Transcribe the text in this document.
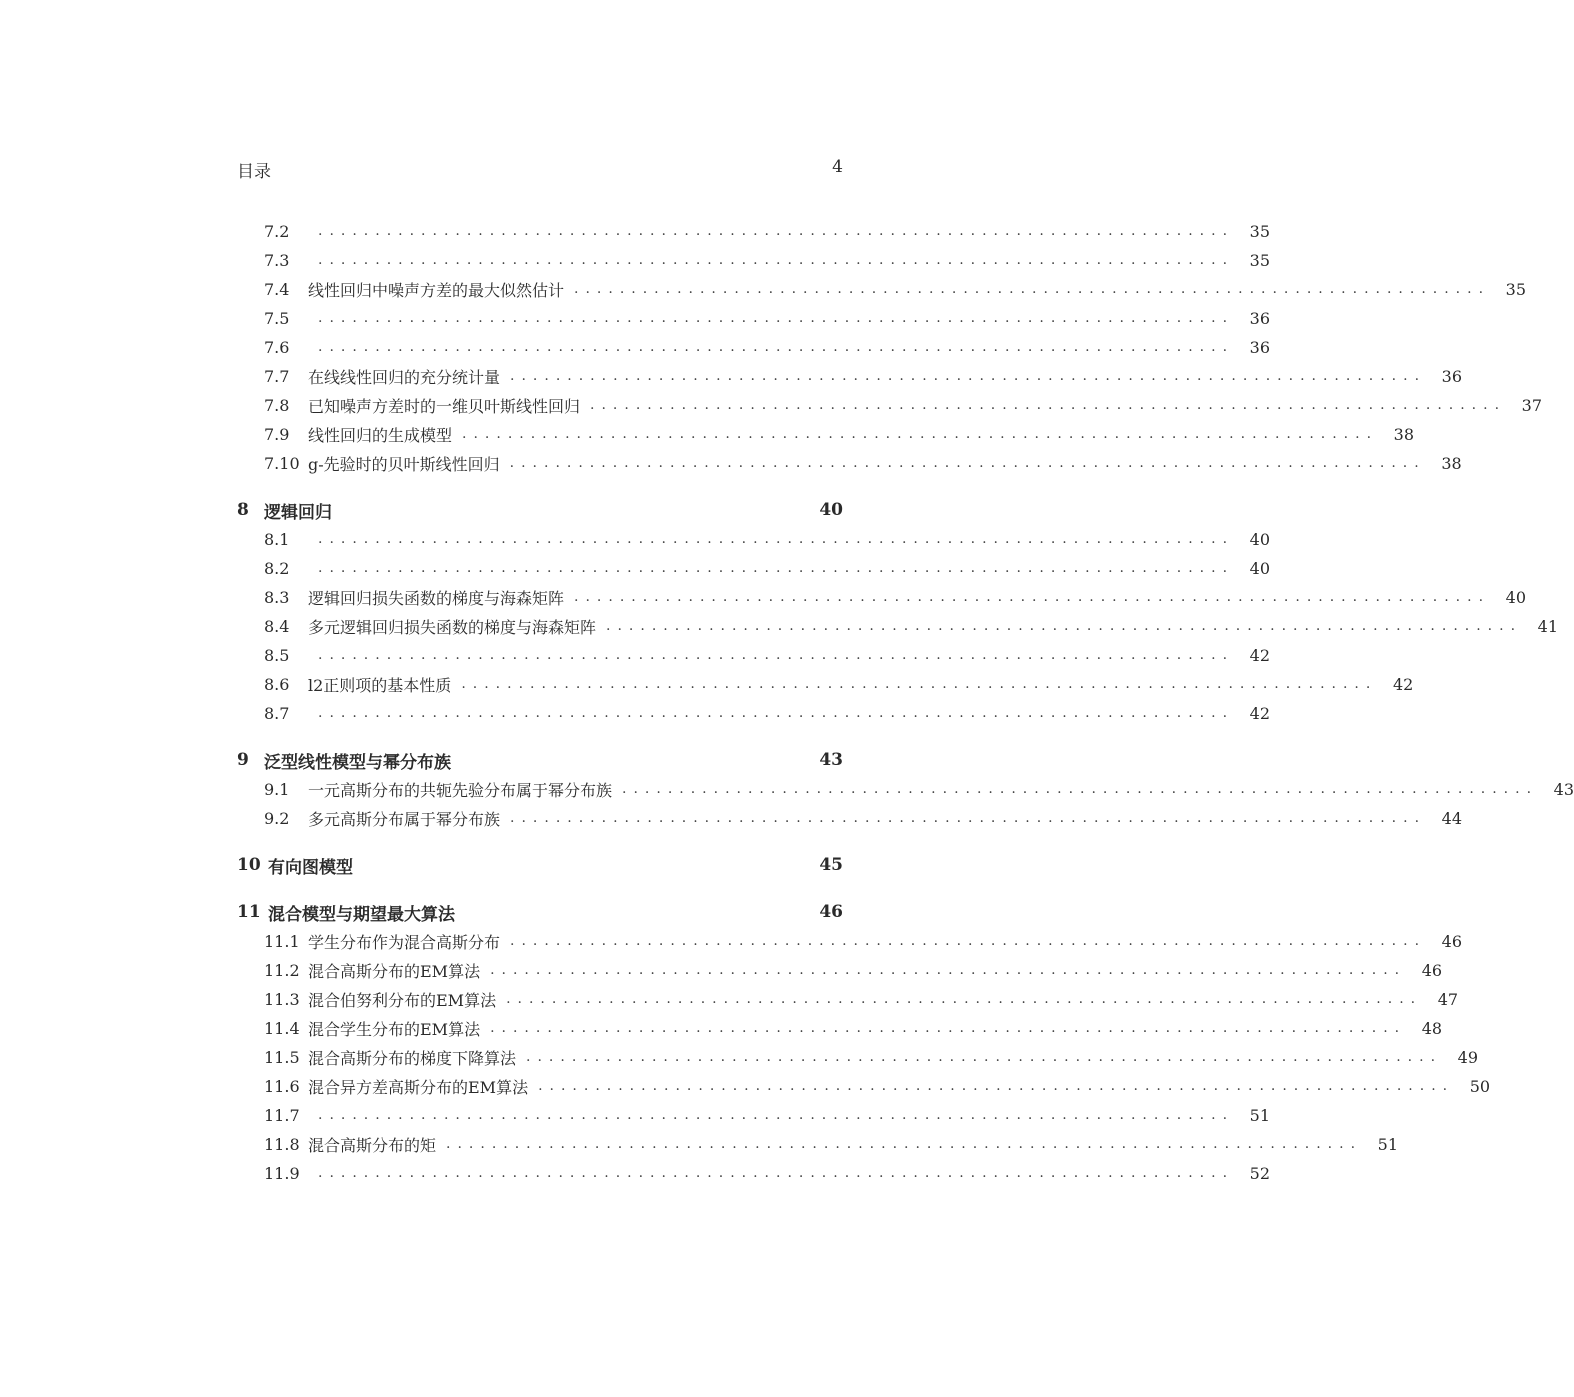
目录	4
7.2	................................................................................ 35
7.3	................................................................................ 35
7.4	线性回归中噪声方差的最大似然估计 ................................................................................ 35
7.5	................................................................................ 36
7.6	................................................................................ 36
7.7	在线线性回归的充分统计量 ................................................................................ 36
7.8	已知噪声方差时的一维贝叶斯线性回归 ................................................................................ 37
7.9	线性回归的生成模型 ................................................................................ 38
7.10 g-先验时的贝叶斯线性回归 ................................................................................ 38
8 逻辑回归	40
8.1	................................................................................ 40
8.2	................................................................................ 40
8.3	逻辑回归损失函数的梯度与海森矩阵 ................................................................................ 40
8.4	多元逻辑回归损失函数的梯度与海森矩阵 ................................................................................ 41
8.5	................................................................................ 42
8.6	l2正则项的基本性质 ................................................................................ 42
8.7	................................................................................ 42
9 泛型线性模型与幂分布族	43
9.1	一元高斯分布的共轭先验分布属于幂分布族 ................................................................................ 43
9.2	多元高斯分布属于幂分布族 ................................................................................ 44
10 有向图模型	45
11 混合模型与期望最大算法	46
11.1 学生分布作为混合高斯分布 ................................................................................ 46
11.2 混合高斯分布的EM算法 ................................................................................ 46
11.3 混合伯努利分布的EM算法 ................................................................................ 47
11.4 混合学生分布的EM算法 ................................................................................ 48
11.5 混合高斯分布的梯度下降算法 ................................................................................ 49
11.6 混合异方差高斯分布的EM算法 ................................................................................ 50
11.7	................................................................................ 51
11.8 混合高斯分布的矩 ................................................................................ 51
11.9	................................................................................ 52
